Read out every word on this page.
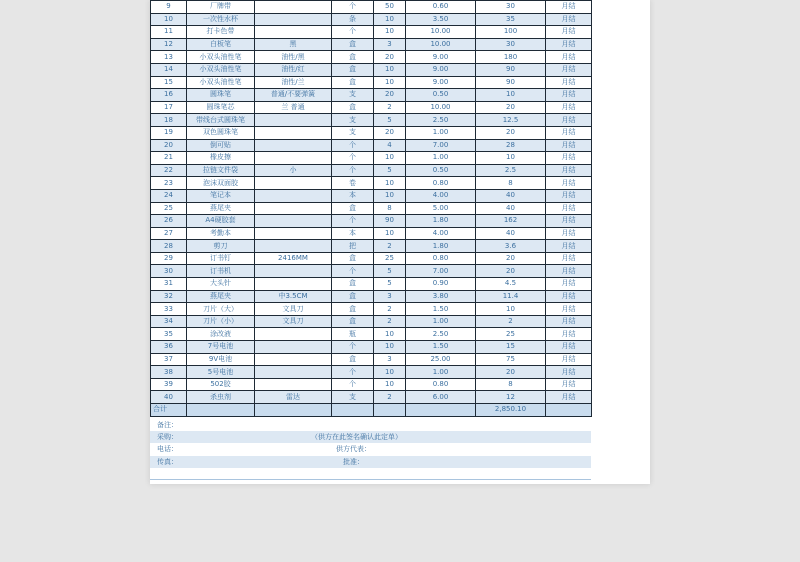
9	厂牌带		个	50	0.60	30	月结
10	一次性水杯		条	10	3.50	35	月结
11	打卡色带		个	10	10.00	100	月结
12	白板笔	黑	盒	3	10.00	30	月结
13	小双头油性笔	油性/黑	盒	20	9.00	180	月结
14	小双头油性笔	油性/红	盒	10	9.00	90	月结
15	小双头油性笔	油性/兰	盒	10	9.00	90	月结
16	圆珠笔	普通/不要弹簧	支	20	0.50	10	月结
17	圆珠笔芯	兰 普通	盒	2	10.00	20	月结
18	带线台式圆珠笔		支	5	2.50	12.5	月结
19	双色圆珠笔		支	20	1.00	20	月结
20	倒可贴		个	4	7.00	28	月结
21	橡皮擦		个	10	1.00	10	月结
22	拉链文件袋	小	个	5	0.50	2.5	月结
23	泡沫双面胶		卷	10	0.80	8	月结
24	笔记本		本	10	4.00	40	月结
25	燕尾夹		盒	8	5.00	40	月结
26	A4硬胶套		个	90	1.80	162	月结
27	考勤本		本	10	4.00	40	月结
28	剪刀		把	2	1.80	3.6	月结
29	订书钉	2416MM	盒	25	0.80	20	月结
30	订书机		个	5	7.00	20	月结
31	大头针		盒	5	0.90	4.5	月结
32	燕尾夹	中3.5CM	盒	3	3.80	11.4	月结
33	刀片（大）	文具刀	盒	2	1.50	10	月结
34	刀片（小）	文具刀	盒	2	1.00	2	月结
35	涂改液		瓶	10	2.50	25	月结
36	7号电池		个	10	1.50	15	月结
37	9V电池		盒	3	25.00	75	月结
38	5号电池		个	10	1.00	20	月结
39	502胶		个	10	0.80	8	月结
40	杀虫剂	雷达	支	2	6.00	12	月结
合计						2,850.10	
备注：
采购：	（供方在此签名确认此定单）
电话：	供方代表：
传真：	批准：
